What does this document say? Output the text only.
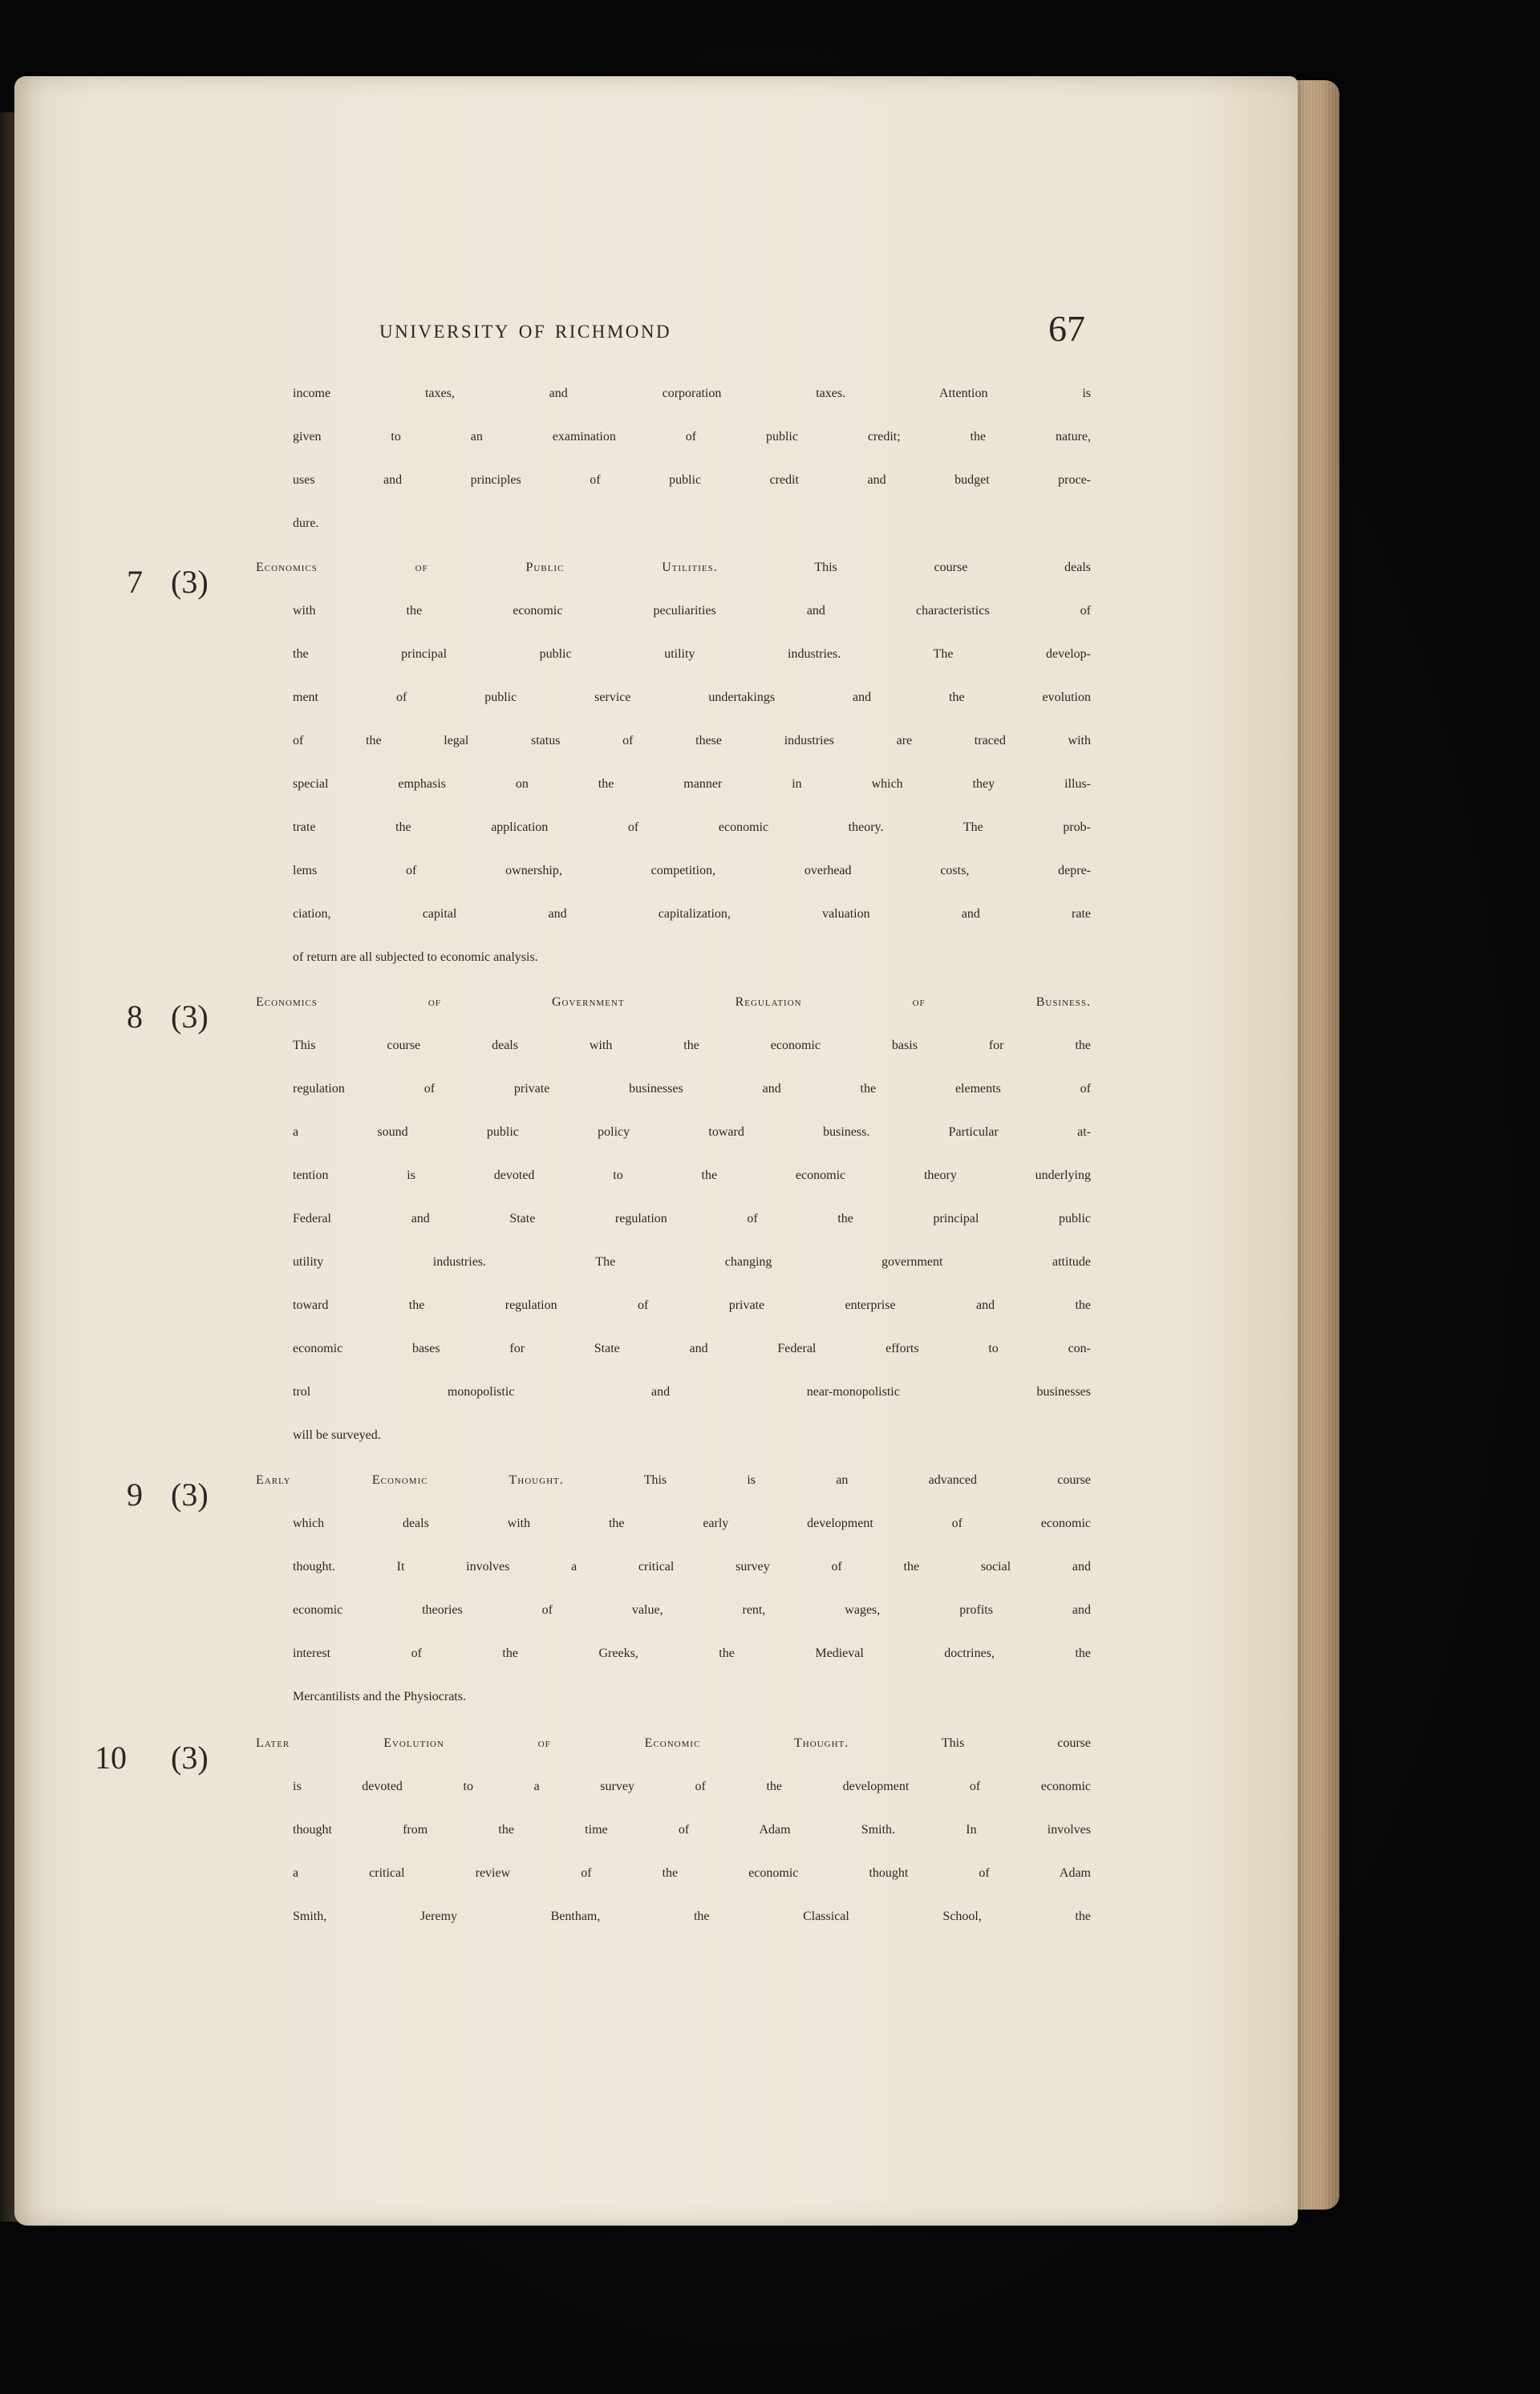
university of richmond	67
income taxes, and corporation taxes. Attention is
given to an examination of public credit; the nature,
uses and principles of public credit and budget proce-
dure.
7 (3)	Economics of Public Utilities.	This course deals
with the economic peculiarities and characteristics of
the principal public utility industries. The develop-
ment of public service undertakings and the evolution
of the legal status of these industries are traced with
special emphasis on the manner in which they illus-
trate the application of economic theory. The prob-
lems of ownership, competition, overhead costs, depre-
ciation, capital and capitalization, valuation and rate
of return are all subjected to economic analysis.
8 (3)	Economics of Government Regulation of Business.
This course deals with the economic basis for the
regulation of private businesses and the elements of
a sound public policy toward business. Particular at-
tention is devoted to the economic theory underlying
Federal and State regulation of the principal public
utility industries. The changing government attitude
toward the regulation of private enterprise and the
economic bases for State and Federal efforts to con-
trol monopolistic and near-monopolistic businesses
will be surveyed.
9 (3)	Early Economic Thought.	This is an advanced course
which deals with the early development of economic
thought. It involves a critical survey of the social and
economic theories of value, rent, wages, profits and
interest of the Greeks, the Medieval doctrines, the
Mercantilists and the Physiocrats.
10 (3)	Later Evolution of Economic Thought.	This course
is devoted to a survey of the development of economic
thought from the time of Adam Smith. In involves
a critical review of the economic thought of Adam
Smith, Jeremy Bentham, the Classical School, the
